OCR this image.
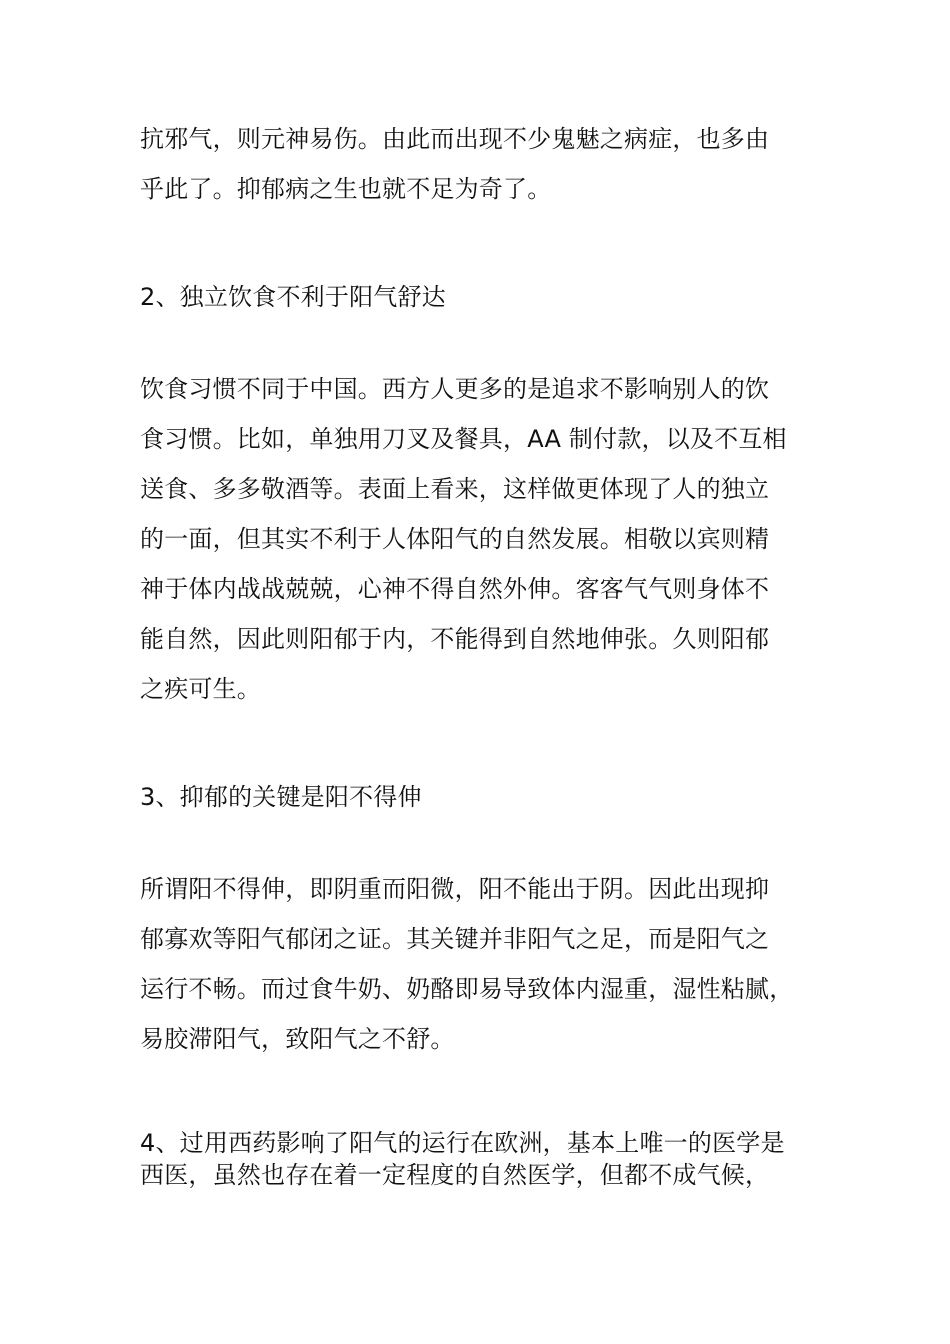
抗邪气，则元神易伤。由此而出现不少鬼魅之病症，也多由
乎此了。抑郁病之生也就不足为奇了。
2、独立饮食不利于阳气舒达
饮食习惯不同于中国。西方人更多的是追求不影响别人的饮
食习惯。比如，单独用刀叉及餐具，AA 制付款，以及不互相
送食、多多敬酒等。表面上看来，这样做更体现了人的独立
的一面，但其实不利于人体阳气的自然发展。相敬以宾则精
神于体内战战兢兢，心神不得自然外伸。客客气气则身体不
能自然，因此则阳郁于内，不能得到自然地伸张。久则阳郁
之疾可生。
3、抑郁的关键是阳不得伸
所谓阳不得伸，即阴重而阳微，阳不能出于阴。因此出现抑
郁寡欢等阳气郁闭之证。其关键并非阳气之足，而是阳气之
运行不畅。而过食牛奶、奶酪即易导致体内湿重，湿性粘腻，
易胶滞阳气，致阳气之不舒。
4、过用西药影响了阳气的运行在欧洲，基本上唯一的医学是
西医，虽然也存在着一定程度的自然医学，但都不成气候，
